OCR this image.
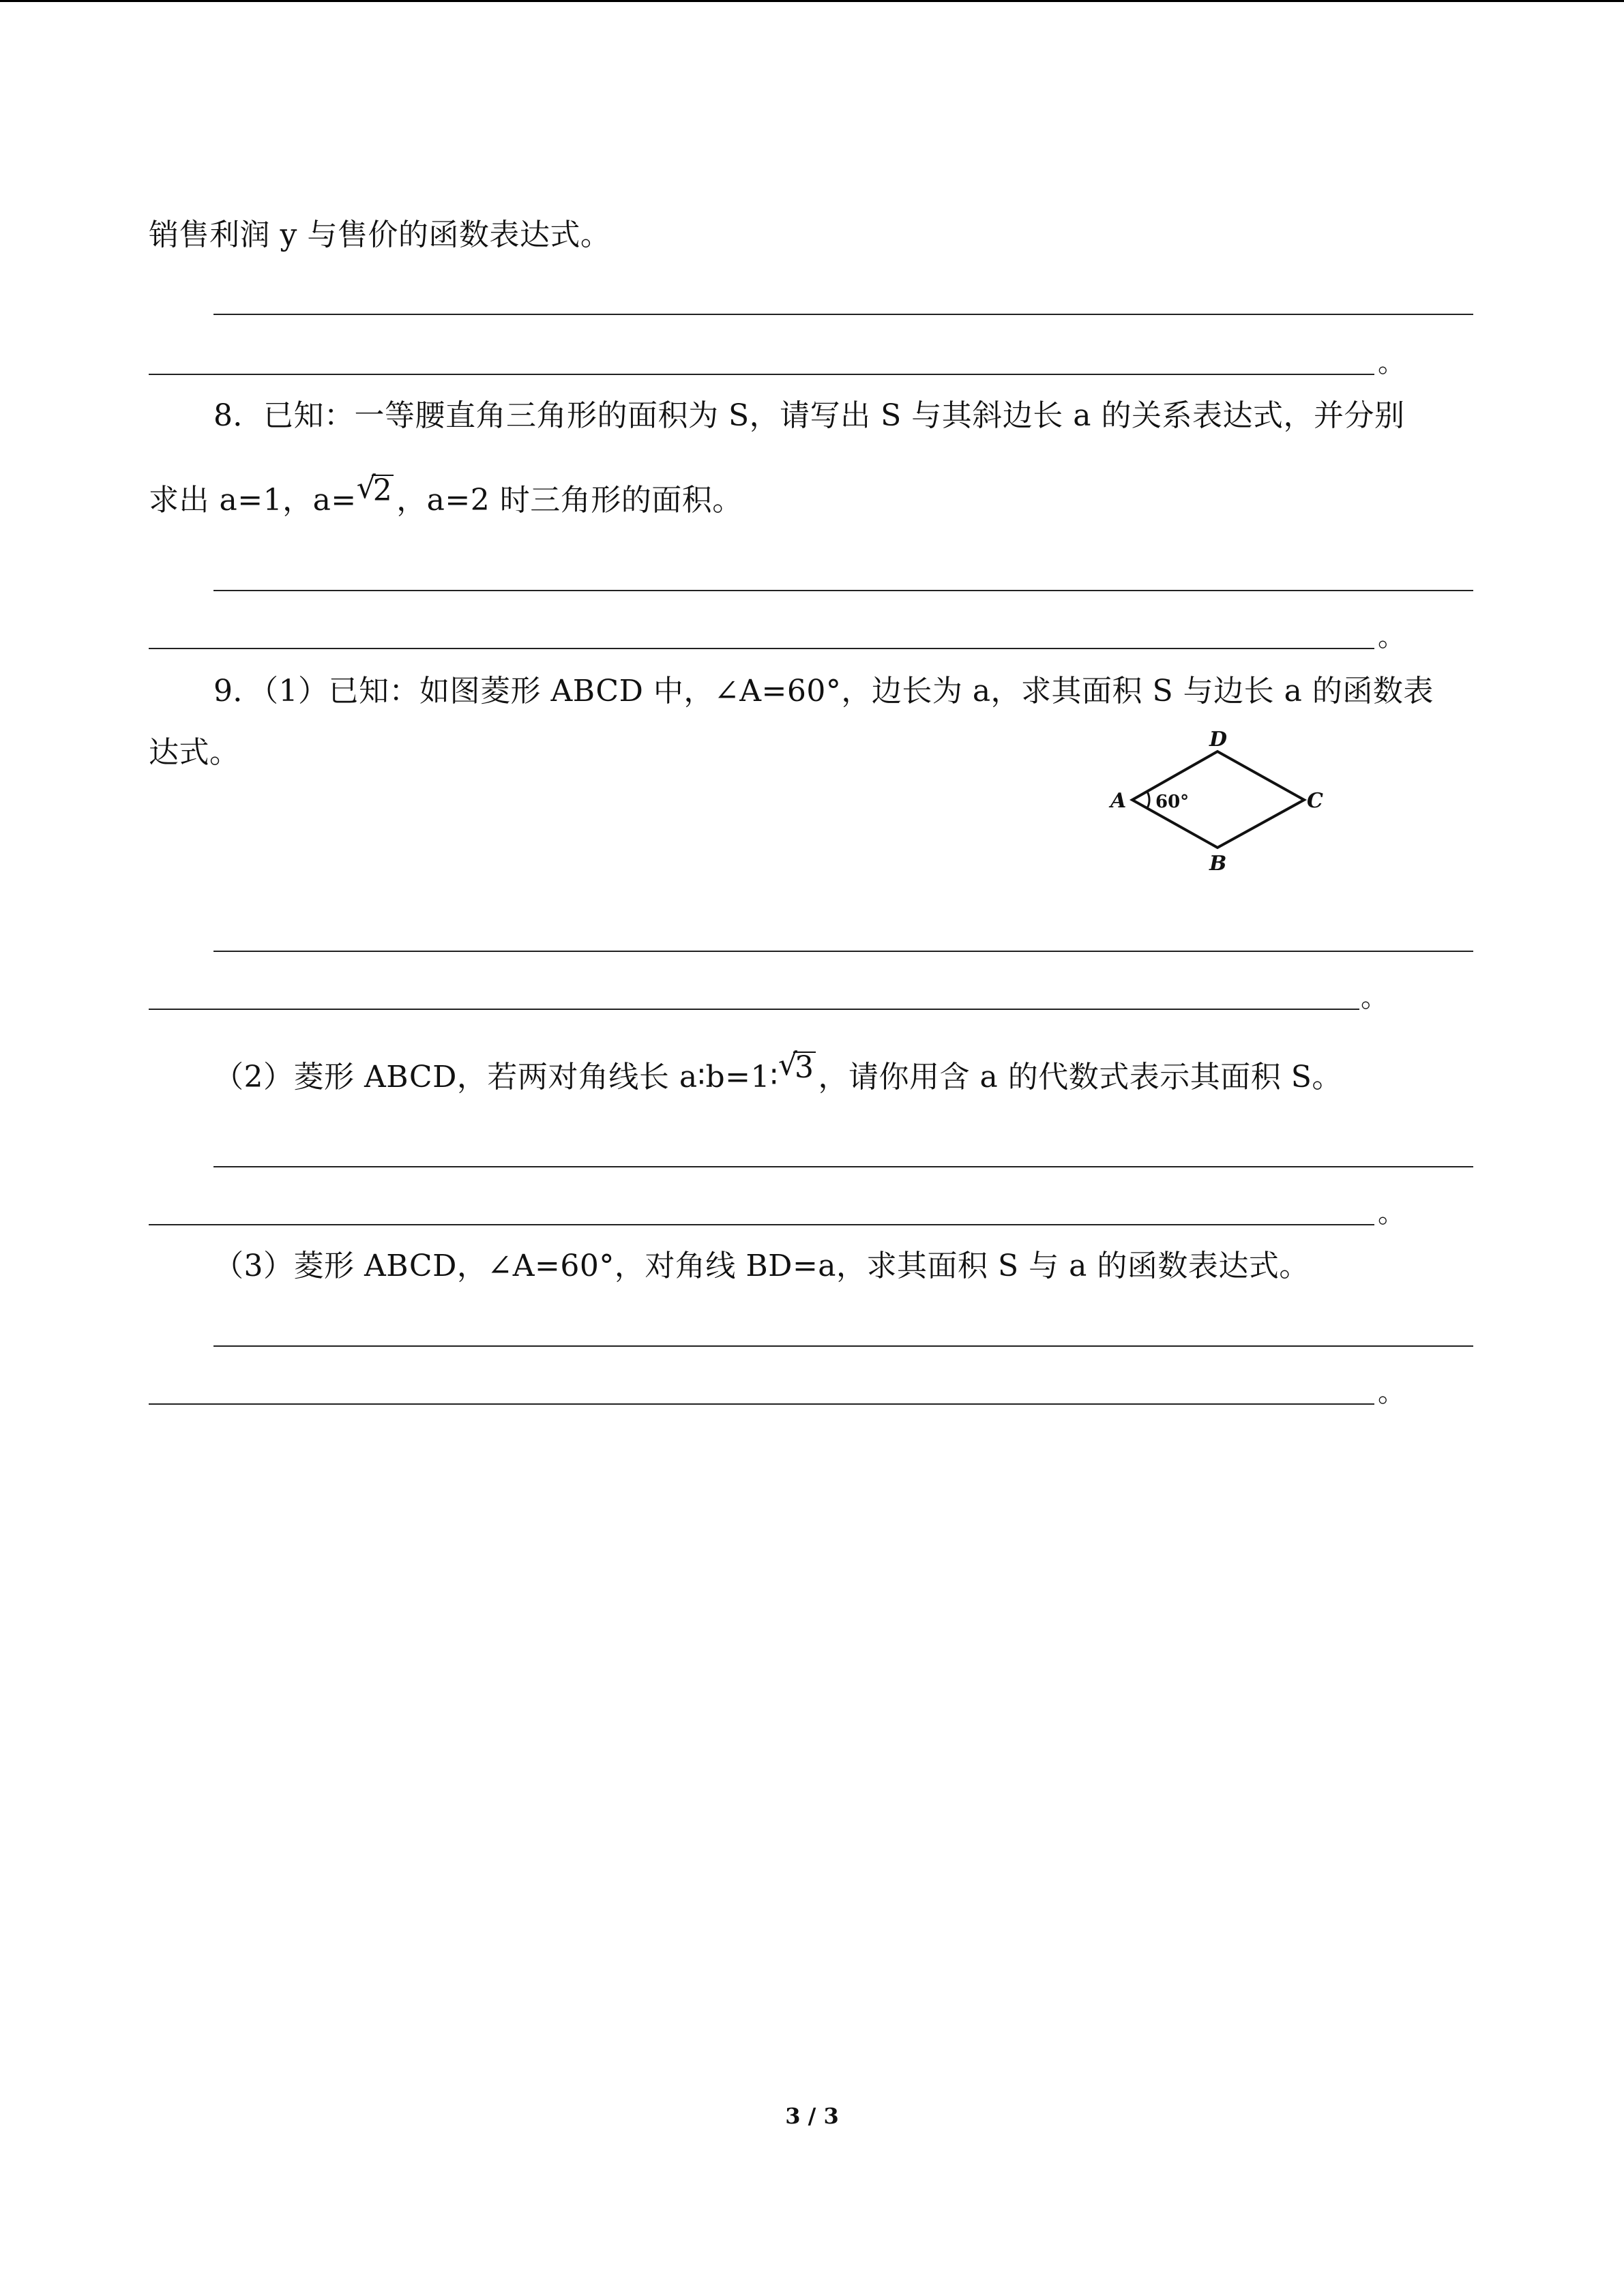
销售利润 y 与售价的函数表达式。
。
8．已知：一等腰直角三角形的面积为 S，请写出 S 与其斜边长 a 的关系表达式，并分别
求出 a=1，a= √
2 ，a=2 时三角形的面积。
。
9．（1）已知：如图菱形 ABCD 中，∠A=60°，边长为 a，求其面积 S 与边长 a 的函数表
达式。
60°
A
D
C
B
。
（2）菱形 ABCD，若两对角线长 a∶b=1∶ √
3 ，请你用含 a 的代数式表示其面积 S。
。
（3）菱形 ABCD，∠A=60°，对角线 BD=a，求其面积 S 与 a 的函数表达式。
。
3 / 3
